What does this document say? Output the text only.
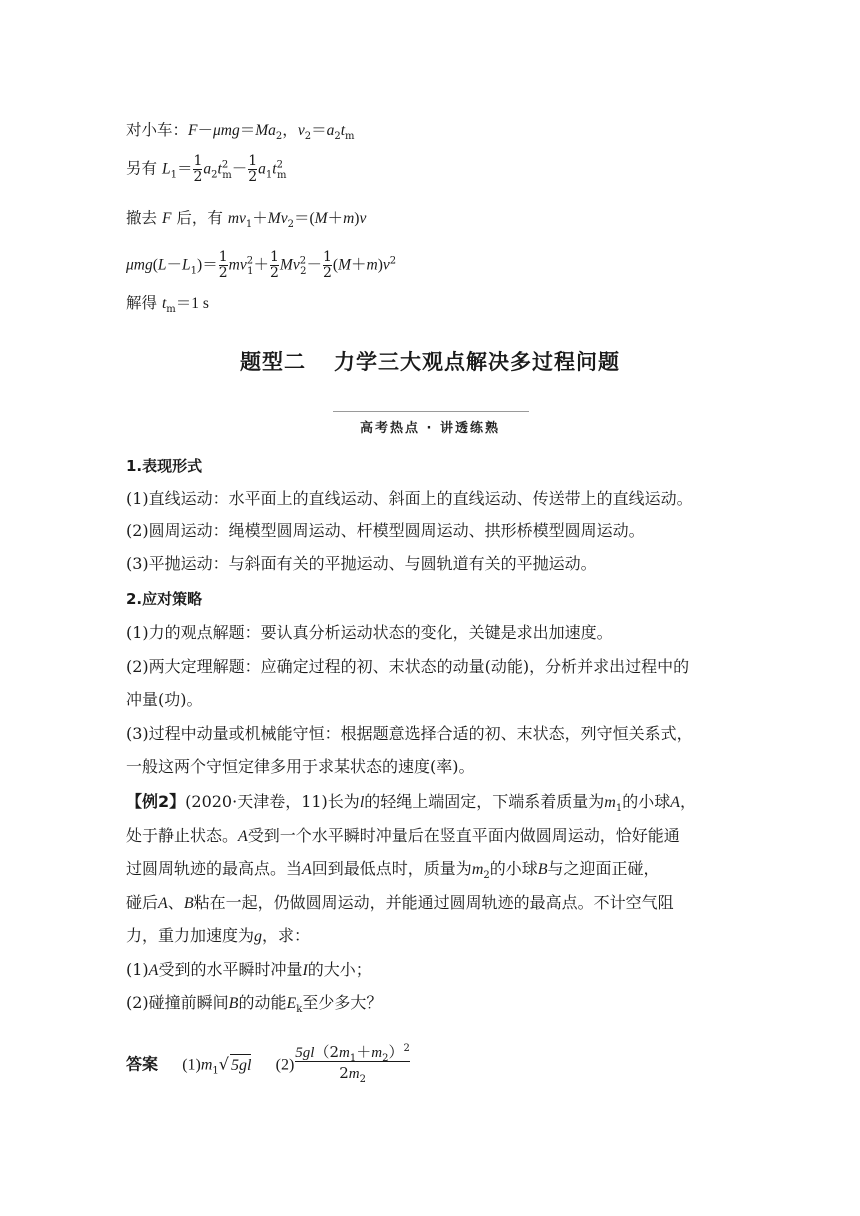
对小车：$F-\mu mg=Ma_2$，$v_2=a_2t_m$
另有 $L_1= \frac{1}{2} a_2t^2_m- \frac{1}{2} a_1t^2_m$
撤去 F 后，有 $mv_1+Mv_2=(M+m)v$
$\mu mg(L-L_1)= \frac{1}{2} mv^2_1+ \frac{1}{2} Mv^2_2- \frac{1}{2} (M+m)v^2$
解得 $t_m=1$ s
题型二 力学三大观点解决多过程问题
高考热点 · 讲透练熟
1.表现形式
(1)直线运动：水平面上的直线运动、斜面上的直线运动、传送带上的直线运动。
(2)圆周运动：绳模型圆周运动、杆模型圆周运动、拱形桥模型圆周运动。
(3)平抛运动：与斜面有关的平抛运动、与圆轨道有关的平抛运动。
2.应对策略
(1)力的观点解题：要认真分析运动状态的变化，关键是求出加速度。
(2)两大定理解题：应确定过程的初、末状态的动量(动能)，分析并求出过程中的
冲量(功)。
(3)过程中动量或机械能守恒：根据题意选择合适的初、末状态，列守恒关系式，
一般这两个守恒定律多用于求某状态的速度(率)。
【例2】(2020·天津卷，11)长为l的轻绳上端固定，下端系着质量为$m_1$的小球A，
处于静止状态。A受到一个水平瞬时冲量后在竖直平面内做圆周运动，恰好能通
过圆周轨迹的最高点。当A回到最低点时，质量为$m_2$的小球B与之迎面正碰，
碰后A、B粘在一起，仍做圆周运动，并能通过圆周轨迹的最高点。不计空气阻
力，重力加速度为g，求：
(1)A受到的水平瞬时冲量I的大小；
(2)碰撞前瞬间B的动能$E_k$至少多大？
答案 $(1)m_1√$ 5gl $(2) \frac{5gl(2m_1+m_2)^2}{2m_2}$
